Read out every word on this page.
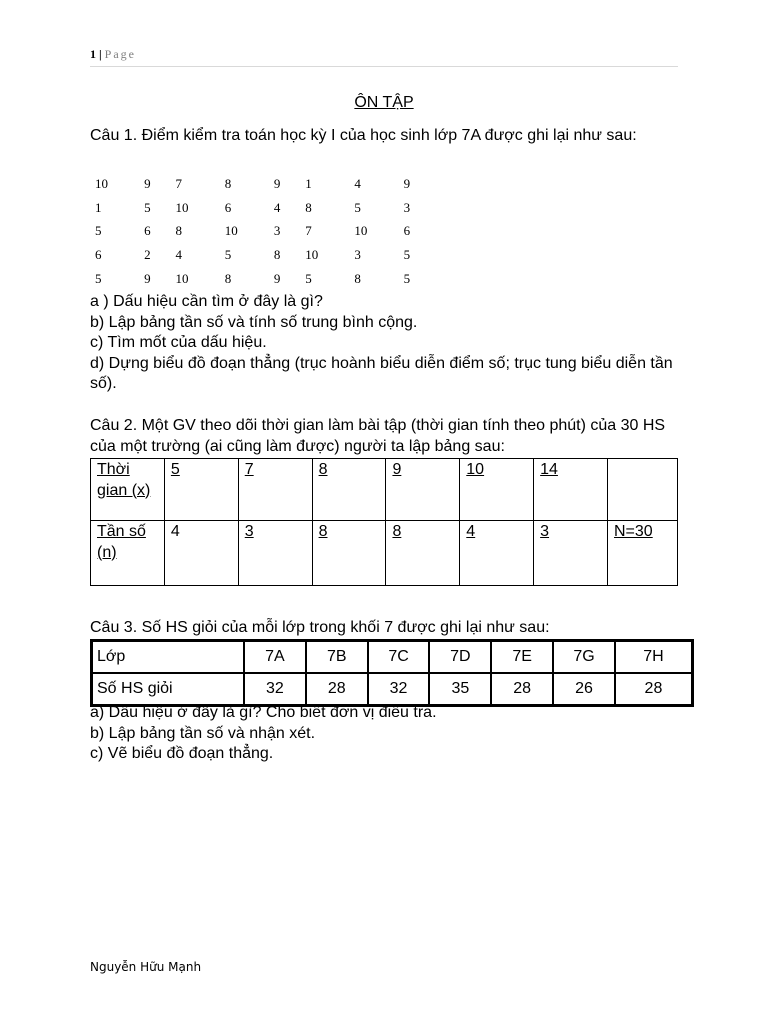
1 | Page
ÔN TẬP
Câu 1. Điểm kiểm tra toán học kỳ I của học sinh lớp 7A được ghi lại như sau:
10	9	7	8	9	1	4	9
1	5	10	6	4	8	5	3
5	6	8	10	3	7	10	6
6	2	4	5	8	10	3	5
5	9	10	8	9	5	8	5
a ) Dấu hiệu cần tìm ở đây là gì?
b) Lập bảng tần số và tính số trung bình cộng.
c) Tìm mốt của dấu hiệu.
d) Dựng biểu đồ đoạn thẳng (trục hoành biểu diễn điểm số; trục tung biểu diễn tần số).
Câu 2. Một GV theo dõi thời gian làm bài tập (thời gian tính theo phút) của 30 HS của một trường (ai cũng làm được) người ta lập bảng sau:
Thời gian (x)	5	7	8	9	10	14	
Tần số (n)	4	3	8	8	4	3	N=30
Câu 3. Số HS giỏi của mỗi lớp trong khối 7 được ghi lại như sau:
Lớp	7A	7B	7C	7D	7E	7G	7H
Số HS giỏi	32	28	32	35	28	26	28
a) Dấu hiệu ở đây là gì? Cho biết đơn vị điều tra.
b) Lập bảng tần số và nhận xét.
c) Vẽ biểu đồ đoạn thẳng.
Nguyễn Hữu Mạnh
